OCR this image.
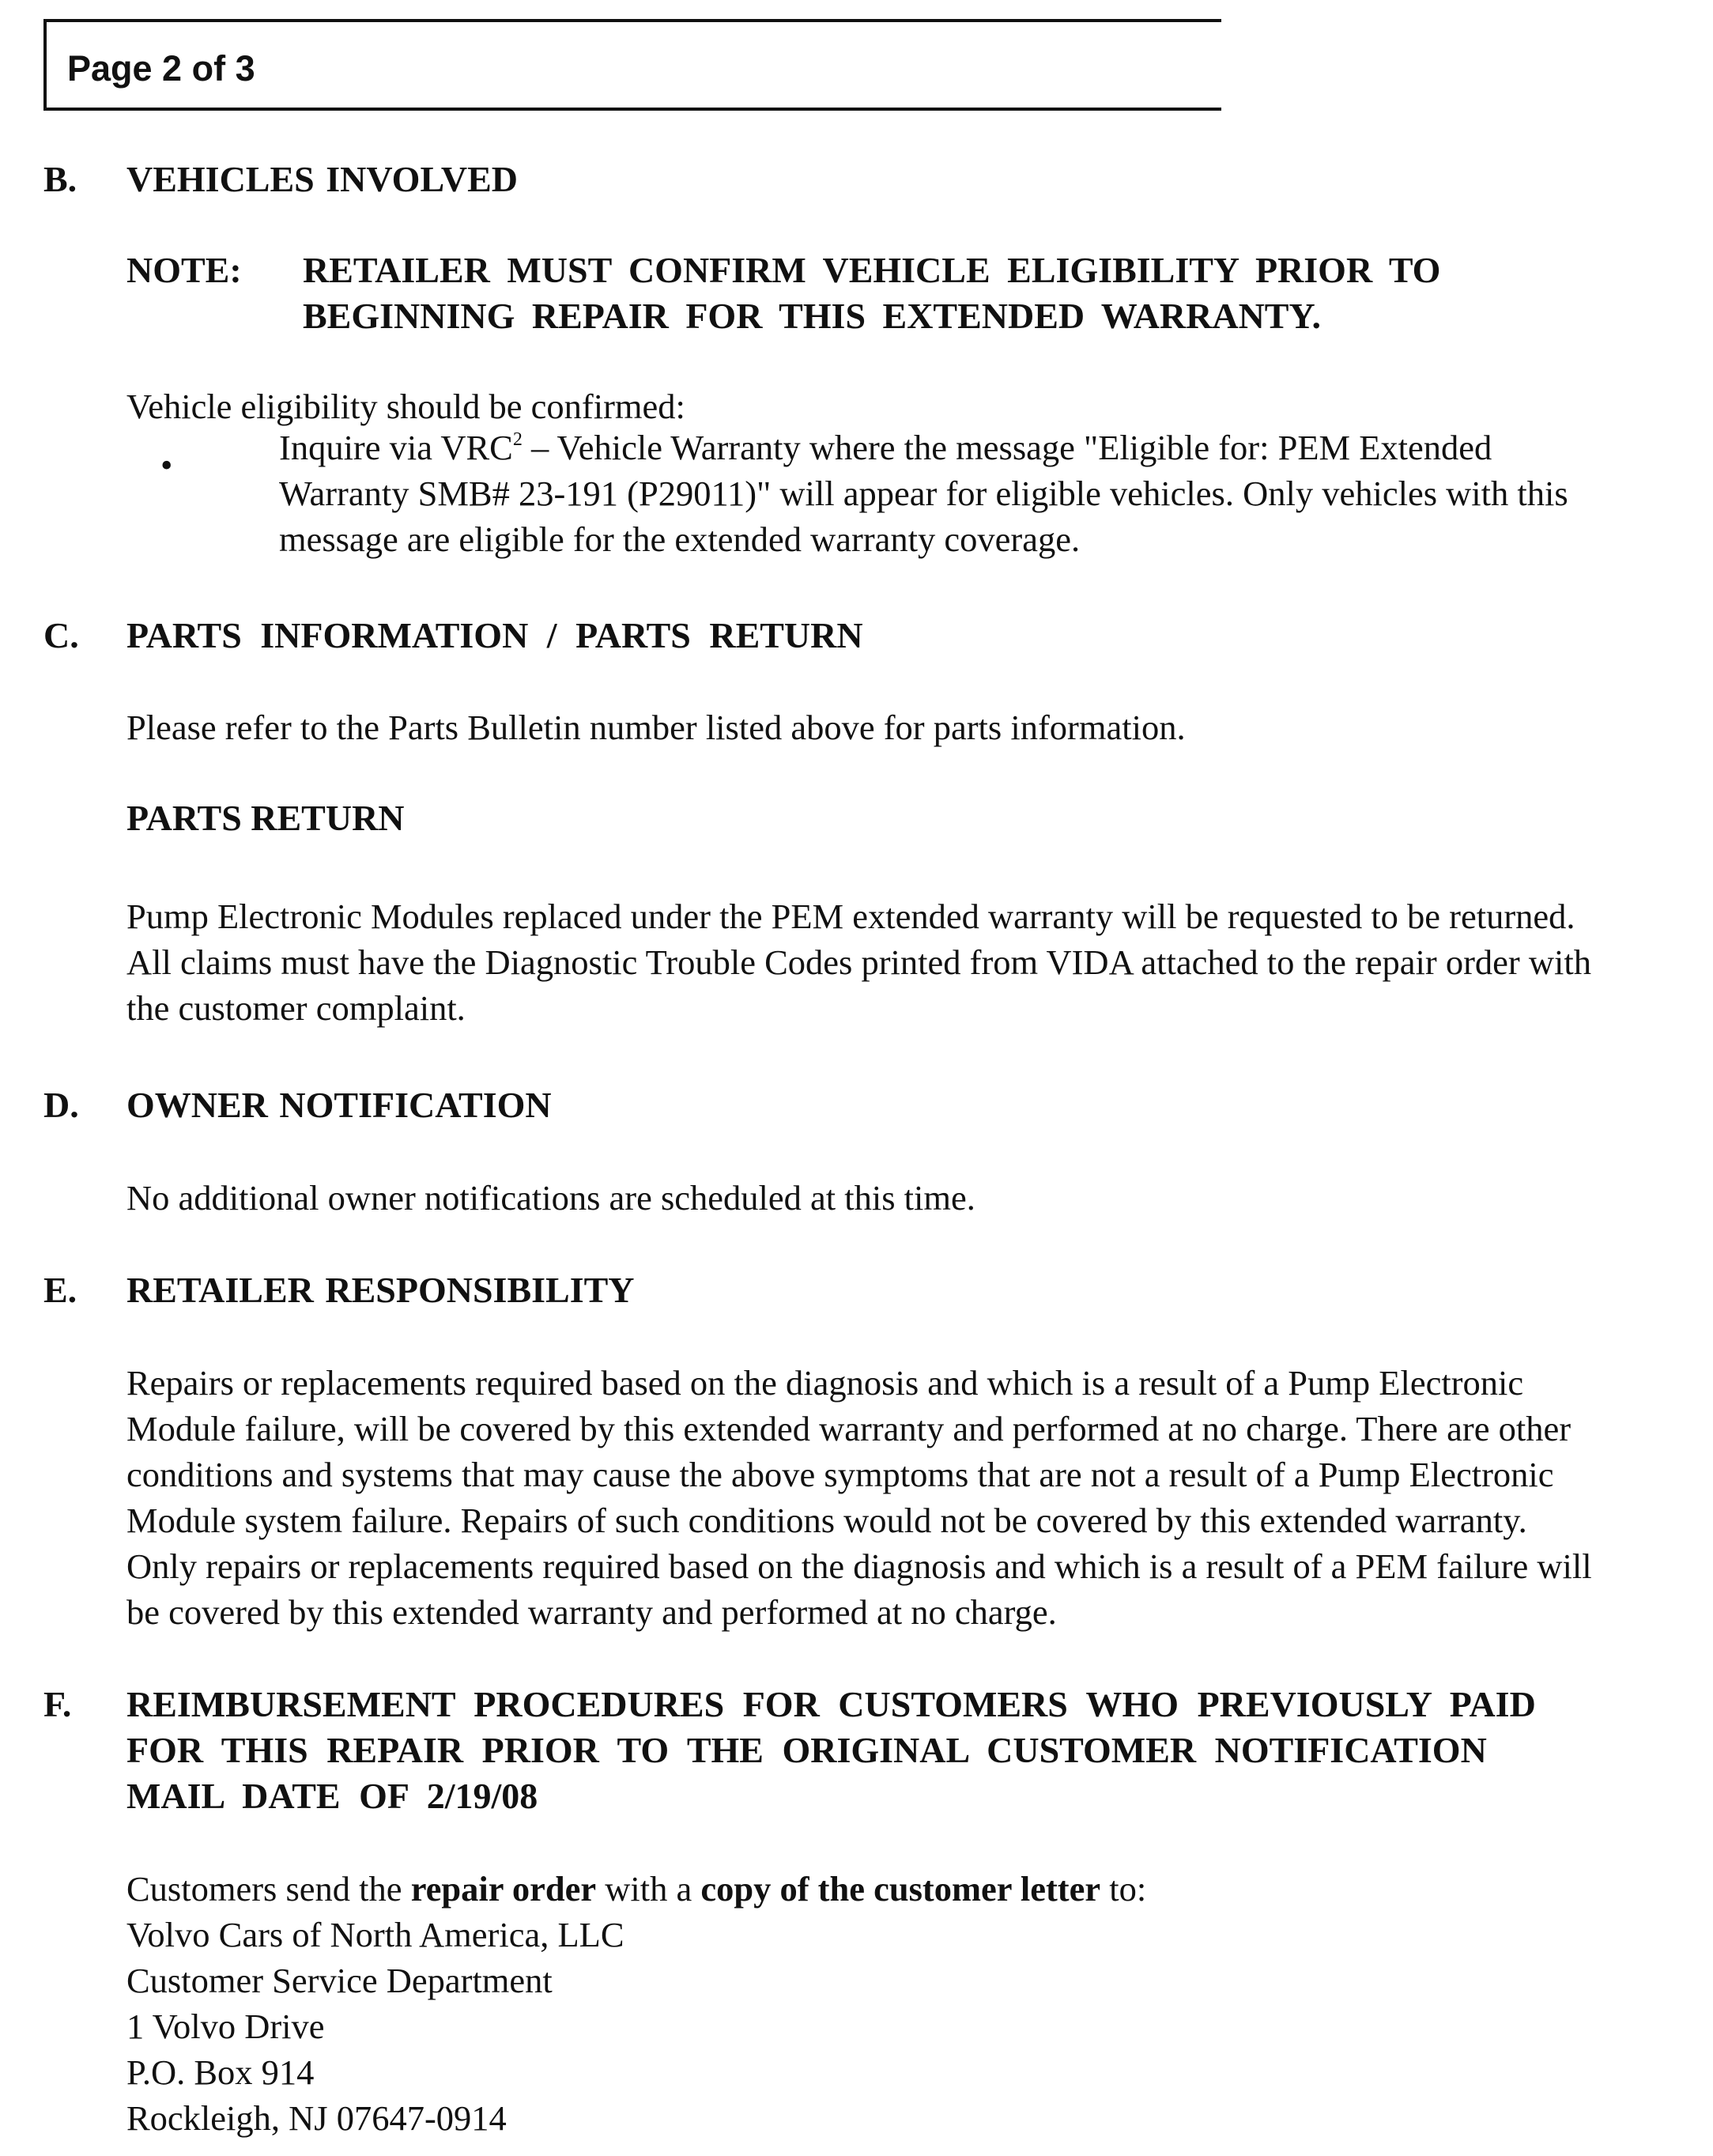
Page 2 of 3
B. VEHICLES INVOLVED
NOTE: RETAILER MUST CONFIRM VEHICLE ELIGIBILITY PRIOR TO
BEGINNING REPAIR FOR THIS EXTENDED WARRANTY.
Vehicle eligibility should be confirmed:
•	Inquire via VRC$^2$ – Vehicle Warranty where the message "Eligible for: PEM Extended
Warranty SMB# 23-191 (P29011)" will appear for eligible vehicles. Only vehicles with this
message are eligible for the extended warranty coverage.
C. PARTS INFORMATION / PARTS RETURN
Please refer to the Parts Bulletin number listed above for parts information.
PARTS RETURN
Pump Electronic Modules replaced under the PEM extended warranty will be requested to be returned.
All claims must have the Diagnostic Trouble Codes printed from VIDA attached to the repair order with
the customer complaint.
D. OWNER NOTIFICATION
No additional owner notifications are scheduled at this time.
E. RETAILER RESPONSIBILITY
Repairs or replacements required based on the diagnosis and which is a result of a Pump Electronic
Module failure, will be covered by this extended warranty and performed at no charge. There are other
conditions and systems that may cause the above symptoms that are not a result of a Pump Electronic
Module system failure. Repairs of such conditions would not be covered by this extended warranty.
Only repairs or replacements required based on the diagnosis and which is a result of a PEM failure will
be covered by this extended warranty and performed at no charge.
F. REIMBURSEMENT PROCEDURES FOR CUSTOMERS WHO PREVIOUSLY PAID
FOR THIS REPAIR PRIOR TO THE ORIGINAL CUSTOMER NOTIFICATION
MAIL DATE OF 2/19/08
Customers send the repair order with a copy of the customer letter to:
Volvo Cars of North America, LLC
Customer Service Department
1 Volvo Drive
P.O. Box 914
Rockleigh, NJ 07647-0914
